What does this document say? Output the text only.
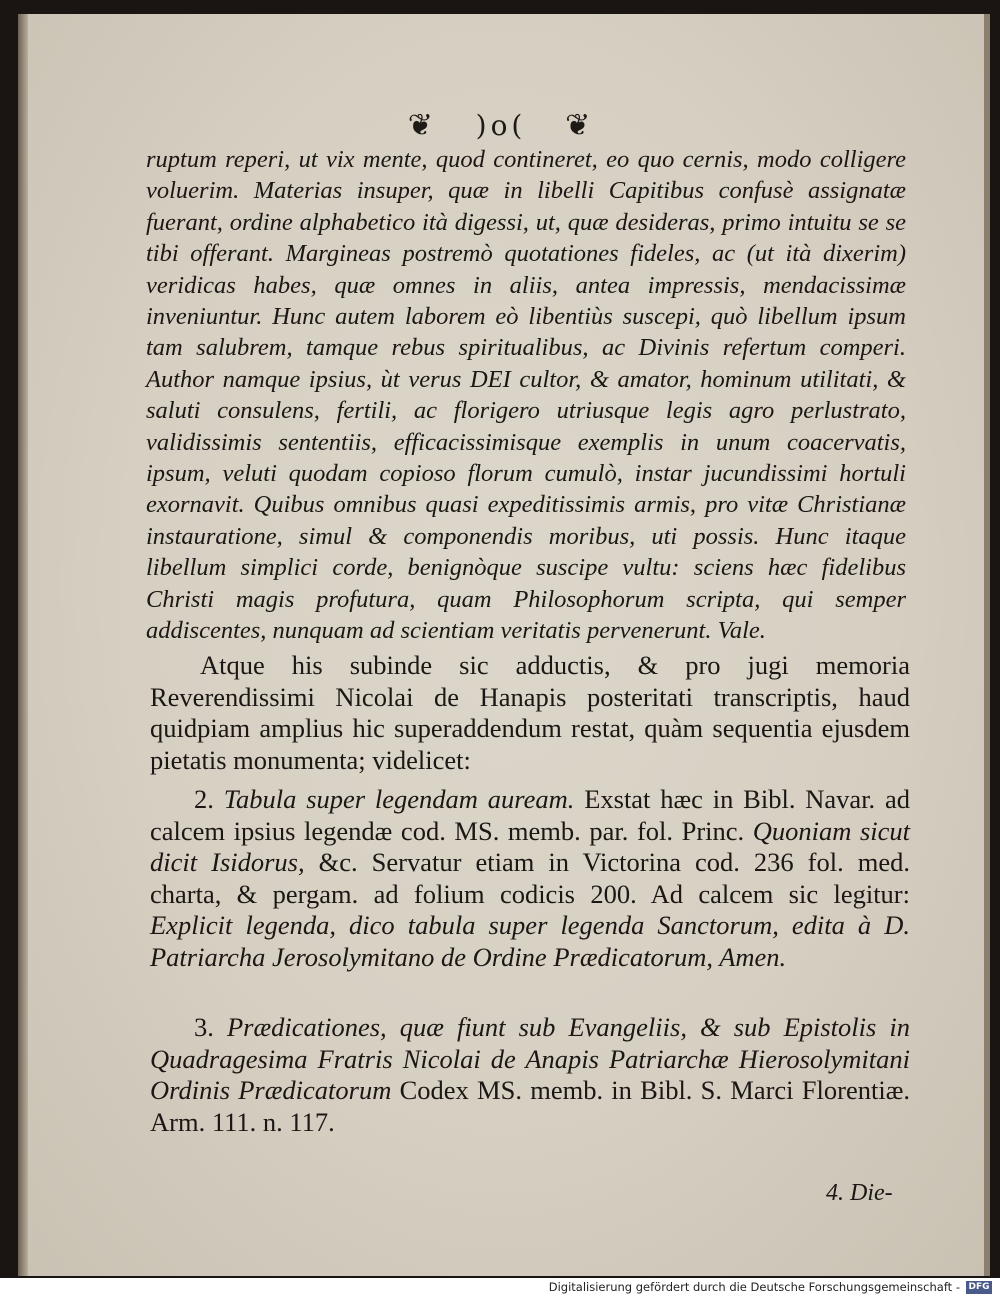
❦ )o( ❦
ruptum reperi, ut vix mente, quod contineret, eo quo cernis, modo colligere voluerim. Materias insuper, quæ in libelli Capitibus confusè assignatæ fuerant, ordine alphabetico ità digessi, ut, quæ desideras, primo intuitu se se tibi offerant. Margineas postremò quotationes fideles, ac (ut ità dixerim) veridicas habes, quæ omnes in aliis, antea impressis, mendacissimæ inveniuntur. Hunc autem laborem eò libentiùs suscepi, quò libellum ipsum tam salubrem, tamque rebus spiritualibus, ac Divinis refertum comperi. Author namque ipsius, ùt verus DEI cultor, & amator, hominum utilitati, & saluti consulens, fertili, ac florigero utriusque legis agro perlustrato, validissimis sententiis, efficacissimisque exemplis in unum coacervatis, ipsum, veluti quodam copioso florum cumulò, instar jucundissimi hortuli exornavit. Quibus omnibus quasi expeditissimis armis, pro vitæ Christianæ instauratione, simul & componendis moribus, uti possis. Hunc itaque libellum simplici corde, benignòque suscipe vultu: sciens hæc fidelibus Christi magis profutura, quam Philosophorum scripta, qui semper addiscentes, nunquam ad scientiam veritatis pervenerunt. Vale.
Atque his subinde sic adductis, & pro jugi memoria Reverendissimi Nicolai de Hanapis posteritati transcriptis, haud quidpiam amplius hic superaddendum restat, quàm sequentia ejusdem pietatis monumenta; videlicet:
2. Tabula super legendam auream. Exstat hæc in Bibl. Navar. ad calcem ipsius legendæ cod. MS. memb. par. fol. Princ. Quoniam sicut dicit Isidorus, &c. Servatur etiam in Victorina cod. 236 fol. med. charta, & pergam. ad folium codicis 200. Ad calcem sic legitur: Explicit legenda, dico tabula super legenda Sanctorum, edita à D. Patriarcha Jerosolymitano de Ordine Prædicatorum, Amen.
3. Prædicationes, quæ fiunt sub Evangeliis, & sub Epistolis in Quadragesima Fratris Nicolai de Anapis Patriarchæ Hierosolymitani Ordinis Prædicatorum Codex MS. memb. in Bibl. S. Marci Florentiæ. Arm. 111. n. 117.
4. Die-
Digitalisierung gefördert durch die Deutsche Forschungsgemeinschaft - DFG
